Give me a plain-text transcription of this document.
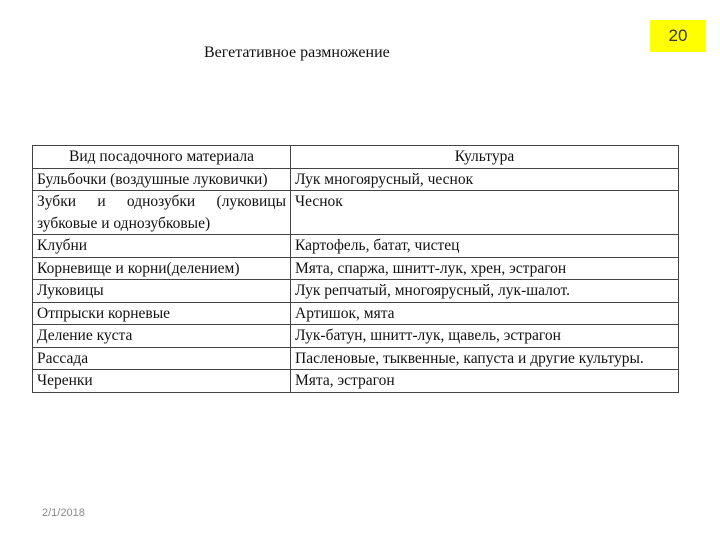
Вегетативное размножение
20
Вид посадочного материала	Культура
Бульбочки (воздушные луковички)	Лук многоярусный, чеснок
Зубки и однозубки (луковицы зубковые и однозубковые)	Чеснок
Клубни	Картофель, батат, чистец
Корневище и корни(делением)	Мята, спаржа, шнитт-лук, хрен, эстрагон
Луковицы	Лук репчатый, многоярусный, лук-шалот.
Отпрыски корневые	Артишок, мята
Деление куста	Лук-батун, шнитт-лук, щавель, эстрагон
Рассада	Пасленовые, тыквенные, капуста и другие культуры.
Черенки	Мята, эстрагон
2/1/2018
